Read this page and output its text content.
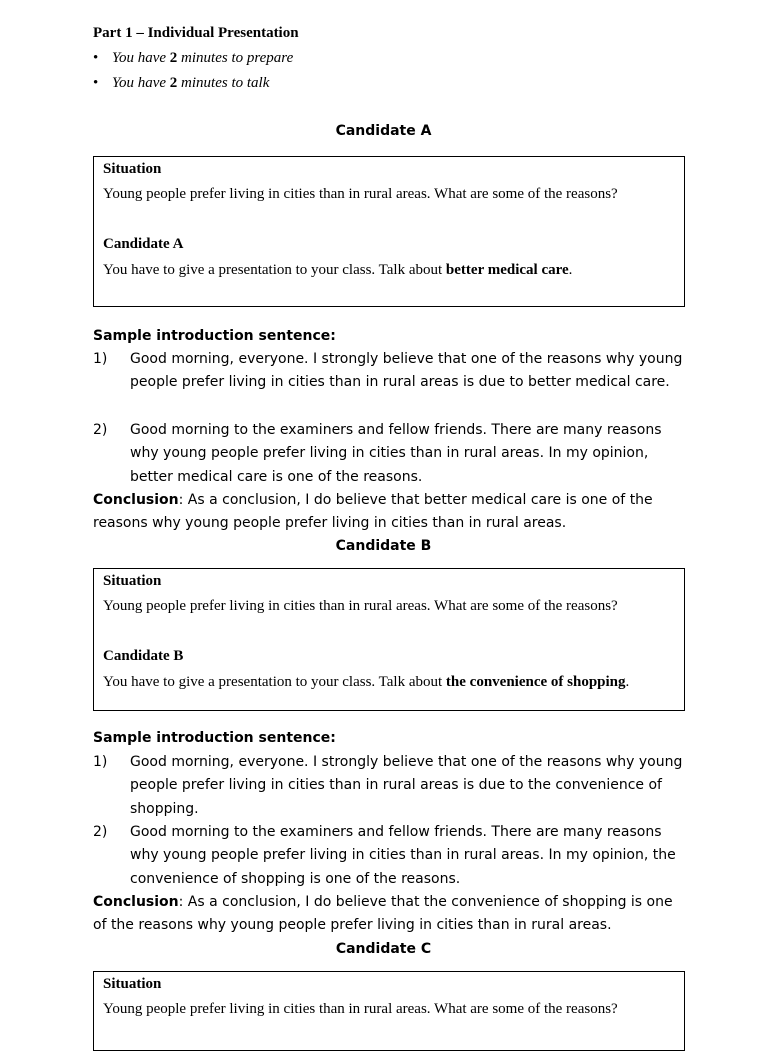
Part 1 – Individual Presentation
• You have 2 minutes to prepare
• You have 2 minutes to talk
Candidate A
Situation
Young people prefer living in cities than in rural areas. What are some of the reasons?
Candidate A
You have to give a presentation to your class. Talk about better medical care.
Sample introduction sentence:
1) Good morning, everyone. I strongly believe that one of the reasons why young people prefer living in cities than in rural areas is due to better medical care.
2) Good morning to the examiners and fellow friends. There are many reasons why young people prefer living in cities than in rural areas. In my opinion, better medical care is one of the reasons.
Conclusion: As a conclusion, I do believe that better medical care is one of the reasons why young people prefer living in cities than in rural areas.
Candidate B
Situation
Young people prefer living in cities than in rural areas. What are some of the reasons?
Candidate B
You have to give a presentation to your class. Talk about the convenience of shopping.
Sample introduction sentence:
1) Good morning, everyone. I strongly believe that one of the reasons why young people prefer living in cities than in rural areas is due to the convenience of shopping.
2) Good morning to the examiners and fellow friends. There are many reasons why young people prefer living in cities than in rural areas. In my opinion, the convenience of shopping is one of the reasons.
Conclusion: As a conclusion, I do believe that the convenience of shopping is one of the reasons why young people prefer living in cities than in rural areas.
Candidate C
Situation
Young people prefer living in cities than in rural areas. What are some of the reasons?
